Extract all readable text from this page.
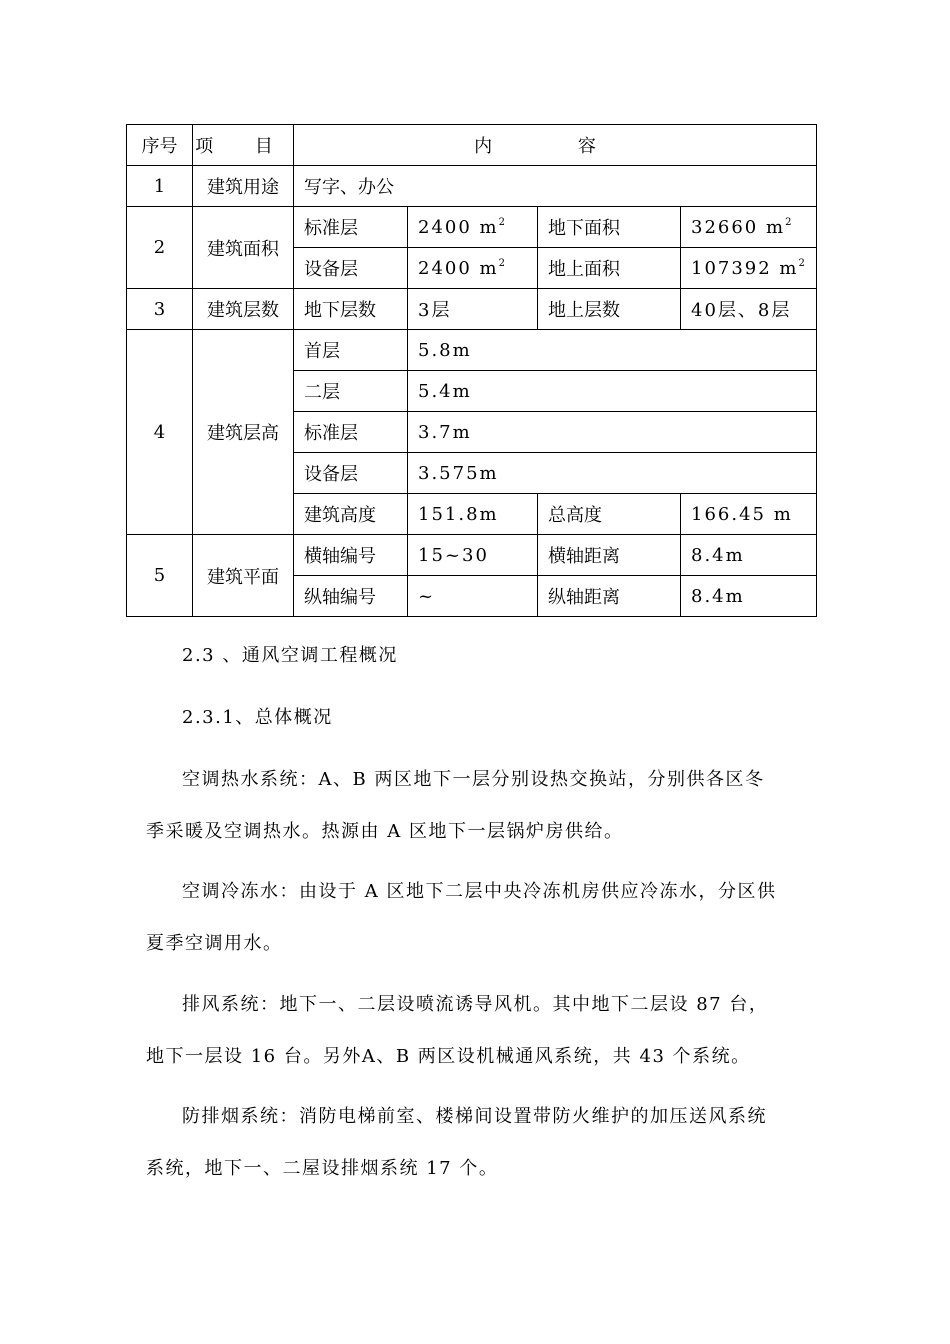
序号	项 目	内 容			
1	建筑用途	写字、办公			
2	建筑面积	标准层	2400 $m^2$	地下面积	32660 $m^2$
		设备层	2400 $m^2$	地上面积	107392 $m^2$
3	建筑层数	地下层数	3层	地上层数	40层、8层
4	建筑层高	首层	5.8m		
		二层	5.4m		
		标准层	3.7m		
		设备层	3.575m		
		建筑高度	151.8m	总高度	166.45 m
5	建筑平面	横轴编号	15~30	横轴距离	8.4m
		纵轴编号	~	纵轴距离	8.4m
2.3 、通风空调工程概况
2.3.1、总体概况
空调热水系统：A、B 两区地下一层分别设热交换站，分别供各区冬
季采暖及空调热水。热源由 A 区地下一层锅炉房供给。
空调冷冻水：由设于 A 区地下二层中央冷冻机房供应冷冻水，分区供
夏季空调用水。
排风系统：地下一、二层设喷流诱导风机。其中地下二层设 87 台，
地下一层设 16 台。另外A、B 两区设机械通风系统，共 43 个系统。
防排烟系统：消防电梯前室、楼梯间设置带防火维护的加压送风系统
系统，地下一、二屋设排烟系统 17 个。
